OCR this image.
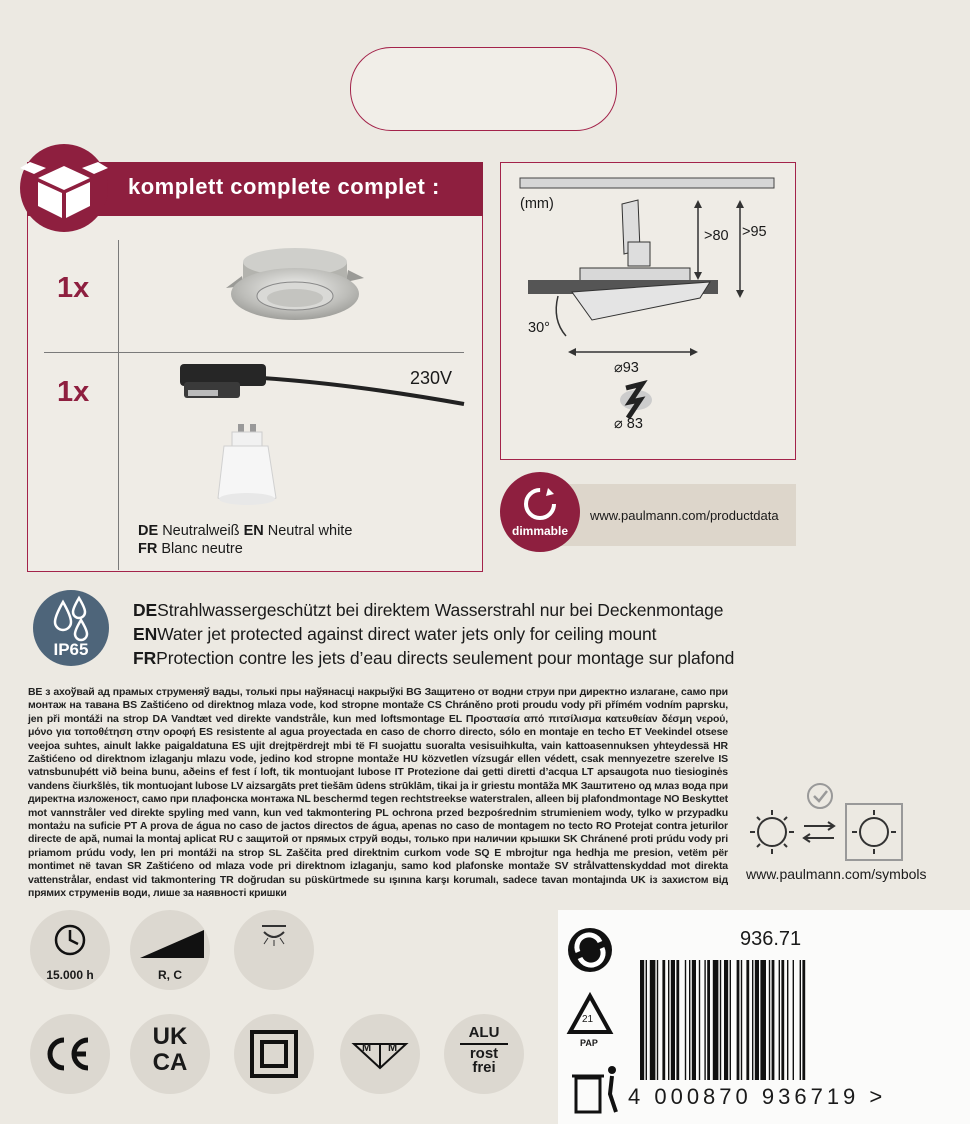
komplett complete complet :
1x
1x	230V
DE Neutralweiß EN Neutral white
FR Blanc neutre
(mm)
>80 >95
30°
⌀93
⌀ 83
dimmable
www.paulmann.com/productdata
IP65
DEStrahlwassergeschützt bei direktem Wasserstrahl nur bei Deckenmontage
ENWater jet protected against direct water jets only for ceiling mount
FRProtection contre les jets d’eau directs seulement pour montage sur plafond
BE з ахоўвай ад прамых струменяў вады, толькі пры наўянасці накрыўкі BG Защитено от водни струи при директно излагане, само при монтаж на тавана BS Zaštićeno od direktnog mlaza vode, kod stropne montaže CS Chráněno proti proudu vody při přímém vodním paprsku, jen při montáži na strop DA Vandtæt ved direkte vandstråle, kun med loftsmontage EL Προστασία από πιτσίλισμα κατευθείαν δέσμη νερού, μόνο για τοποθέτηση στην οροφή ES resistente al agua proyectada en caso de chorro directo, sólo en montaje en techo ET Veekindel otsese veejoa suhtes, ainult lakke paigaldatuna ES ujit drejtpërdrejt mbi të FI suojattu suoralta vesisuihkulta, vain kattoasennuksen yhteydessä HR Zaštićeno od direktnom izlaganju mlazu vode, jedino kod stropne montaže HU közvetlen vízsugár ellen védett, csak mennyezetre szerelve IS vatnsbunuþétt við beina bunu, aðeins ef fest í loft, tik montuojant lubose IT Protezione dai getti diretti d’acqua LT apsaugota nuo tiesioginės vandens čiurkšlės, tik montuojant lubose LV aizsargāts pret tiešām ūdens strūklām, tikai ja ir griestu montāža MK Заштитено од млаз вода при директна изложеност, само при плафонска монтажа NL beschermd tegen rechtstreekse waterstralen, alleen bij plafondmontage NO Beskyttet mot vannstråler ved direkte spyling med vann, kun ved takmontering PL ochrona przed bezpośrednim strumieniem wody, tylko w przypadku montażu na suficie PT A prova de água no caso de jactos directos de água, apenas no caso de montagem no tecto RO Protejat contra jeturilor directe de apă, numai la montaj aplicat RU с защитой от прямых струй воды, только при наличии крышки SK Chránené proti prúdu vody pri priamom prúdu vody, len pri montáži na strop SL Zaščita pred direktnim curkom vode SQ E mbrojtur nga hedhja me presion, vetëm për montimet në tavan SR Zaštićeno od mlaza vode pri direktnom izlaganju, samo kod plafonske montaže SV strålvattenskyddad mot direkta vattenstrålar, endast vid takmontering TR doğrudan su püskürtmede su ışınına karşı korumalı, sadece tavan montajında UK із захистом від прямих струменів води, лише за наявності кришки
www.paulmann.com/symbols
15.000 h	R, C
UK
CA
M M
ALU
rost
frei
21
PAP
936.71
4 000870 936719 >
